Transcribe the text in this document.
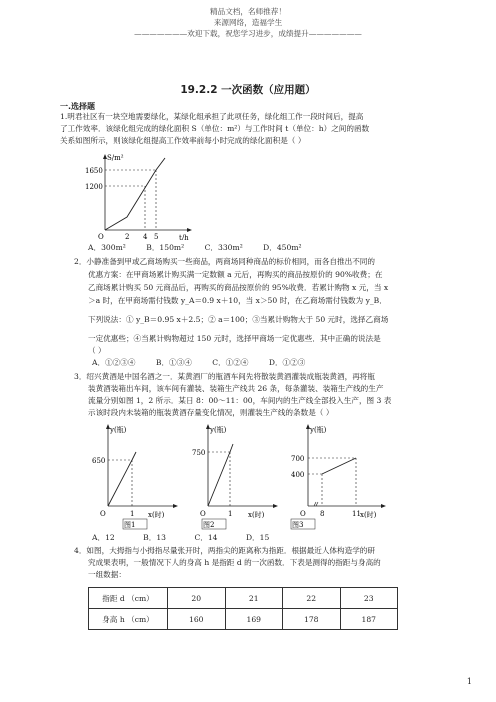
精品文档，名师推荐！
来源网络，造福学生
———————欢迎下载，祝您学习进步，成绩提升———————
19.2.2 一次函数（应用题）
一.选择题
1.明君社区有一块空地需要绿化，某绿化组承担了此项任务，绿化组工作一段时间后，提高
了工作效率．该绿化组完成的绿化面积 S（单位：m²）与工作时间 t（单位：h）之间的函数
关系如图所示，则该绿化组提高工作效率前每小时完成的绿化面积是（ ）
S/m²
t/h
1650
1200
O	2 4 5
A．300m²	B．150m²	C．330m²	D．450m²
2．小静准备到甲或乙商场购买一些商品，两商场同种商品的标价相同，而各自推出不同的
优惠方案：在甲商场累计购买满一定数额 a 元后，再购买的商品按原价的 90%收费；在
乙商场累计购买 50 元商品后，再购买的商品按原价的 95%收费．若累计购物 x 元，当 x
＞a 时，在甲商场需付钱数 y_A＝0.9 x＋10，当 x＞50 时，在乙商场需付钱数为 y_B．
下列说法：① y_B＝0.95 x＋2.5；② a＝100；③当累计购物大于 50 元时，选择乙商场
一定优惠些；④当累计购物超过 150 元时，选择甲商场一定优惠些．其中正确的说法是
（ ）
A．①②③④	B．①③④	C．①②④	D．①②③
3．绍兴黄酒是中国名酒之一．某黄酒厂的瓶酒车间先将散装黄酒灌装成瓶装黄酒，再将瓶
装黄酒装箱出车间，该车间有灌装、装箱生产线共 26 条，每条灌装、装箱生产线的生产
流量分别如图 1，2 所示．某日 8：00～11：00，车间内的生产线全部投入生产，图 3 表
示该时段内未装箱的瓶装黄酒存量变化情况，则灌装生产线的条数是（ ）
y(瓶)
x(时)
650
O	1
图1
y(瓶)
x(时)
750
O	1
图2
y(瓶)
x(时)
700
400
O 8	11
图3
A．12	B．13	C．14	D．15
4．如图，大拇指与小拇指尽量张开时，两指尖的距离称为指距．根据最近人体构造学的研
究成果表明，一般情况下人的身高 h 是指距 d 的一次函数．下表是测得的指距与身高的
一组数据：
指距 d （cm）	20	21	22	23
身高 h （cm）	160	169	178	187
1
